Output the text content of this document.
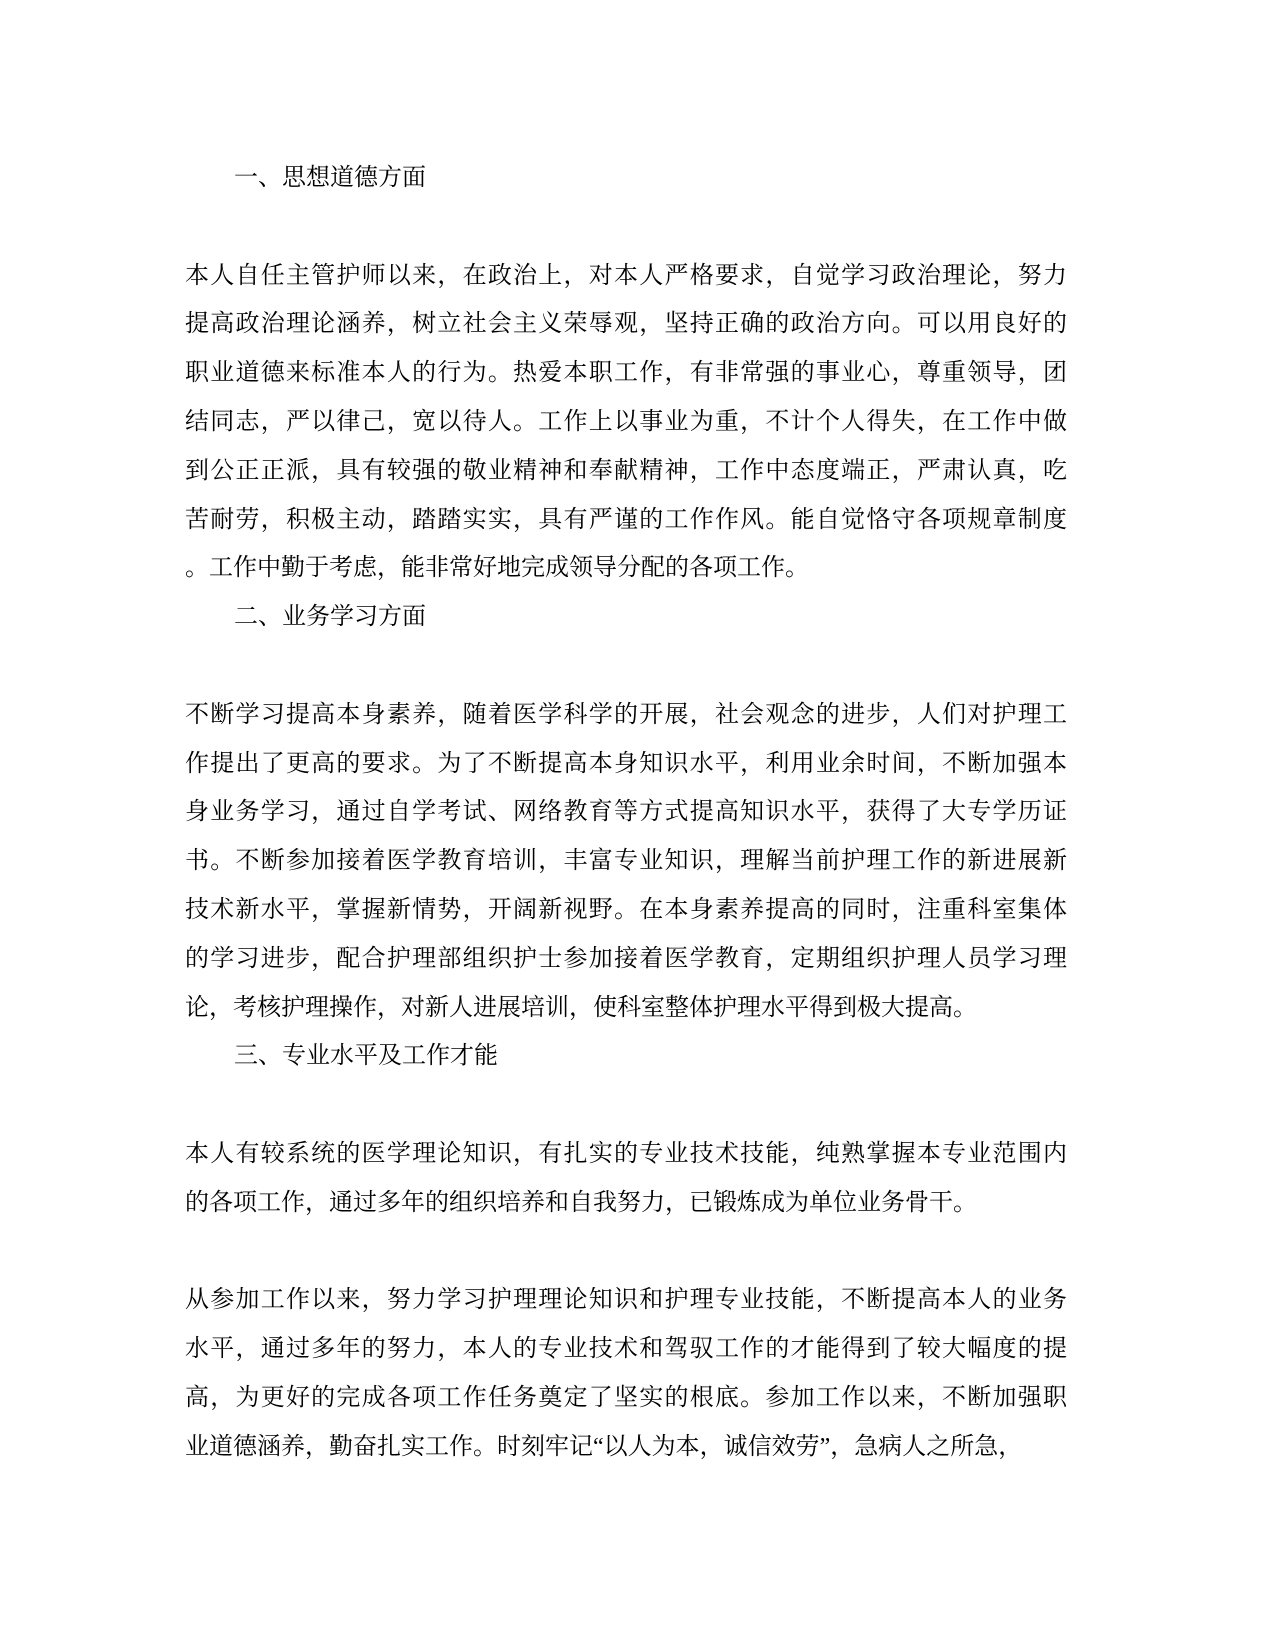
一、思想道德方面
本人自任主管护师以来，在政治上，对本人严格要求，自觉学习政治理论，努力
提高政治理论涵养，树立社会主义荣辱观，坚持正确的政治方向。可以用良好的
职业道德来标准本人的行为。热爱本职工作，有非常强的事业心，尊重领导，团
结同志，严以律己，宽以待人。工作上以事业为重，不计个人得失，在工作中做
到公正正派，具有较强的敬业精神和奉献精神，工作中态度端正，严肃认真，吃
苦耐劳，积极主动，踏踏实实，具有严谨的工作作风。能自觉恪守各项规章制度
。工作中勤于考虑，能非常好地完成领导分配的各项工作。
二、业务学习方面
不断学习提高本身素养，随着医学科学的开展，社会观念的进步，人们对护理工
作提出了更高的要求。为了不断提高本身知识水平，利用业余时间，不断加强本
身业务学习，通过自学考试、网络教育等方式提高知识水平，获得了大专学历证
书。不断参加接着医学教育培训，丰富专业知识，理解当前护理工作的新进展新
技术新水平，掌握新情势，开阔新视野。在本身素养提高的同时，注重科室集体
的学习进步，配合护理部组织护士参加接着医学教育，定期组织护理人员学习理
论，考核护理操作，对新人进展培训，使科室整体护理水平得到极大提高。
三、专业水平及工作才能
本人有较系统的医学理论知识，有扎实的专业技术技能，纯熟掌握本专业范围内
的各项工作，通过多年的组织培养和自我努力，已锻炼成为单位业务骨干。
从参加工作以来，努力学习护理理论知识和护理专业技能，不断提高本人的业务
水平，通过多年的努力，本人的专业技术和驾驭工作的才能得到了较大幅度的提
高，为更好的完成各项工作任务奠定了坚实的根底。参加工作以来，不断加强职
业道德涵养，勤奋扎实工作。时刻牢记“以人为本，诚信效劳”，急病人之所急，
